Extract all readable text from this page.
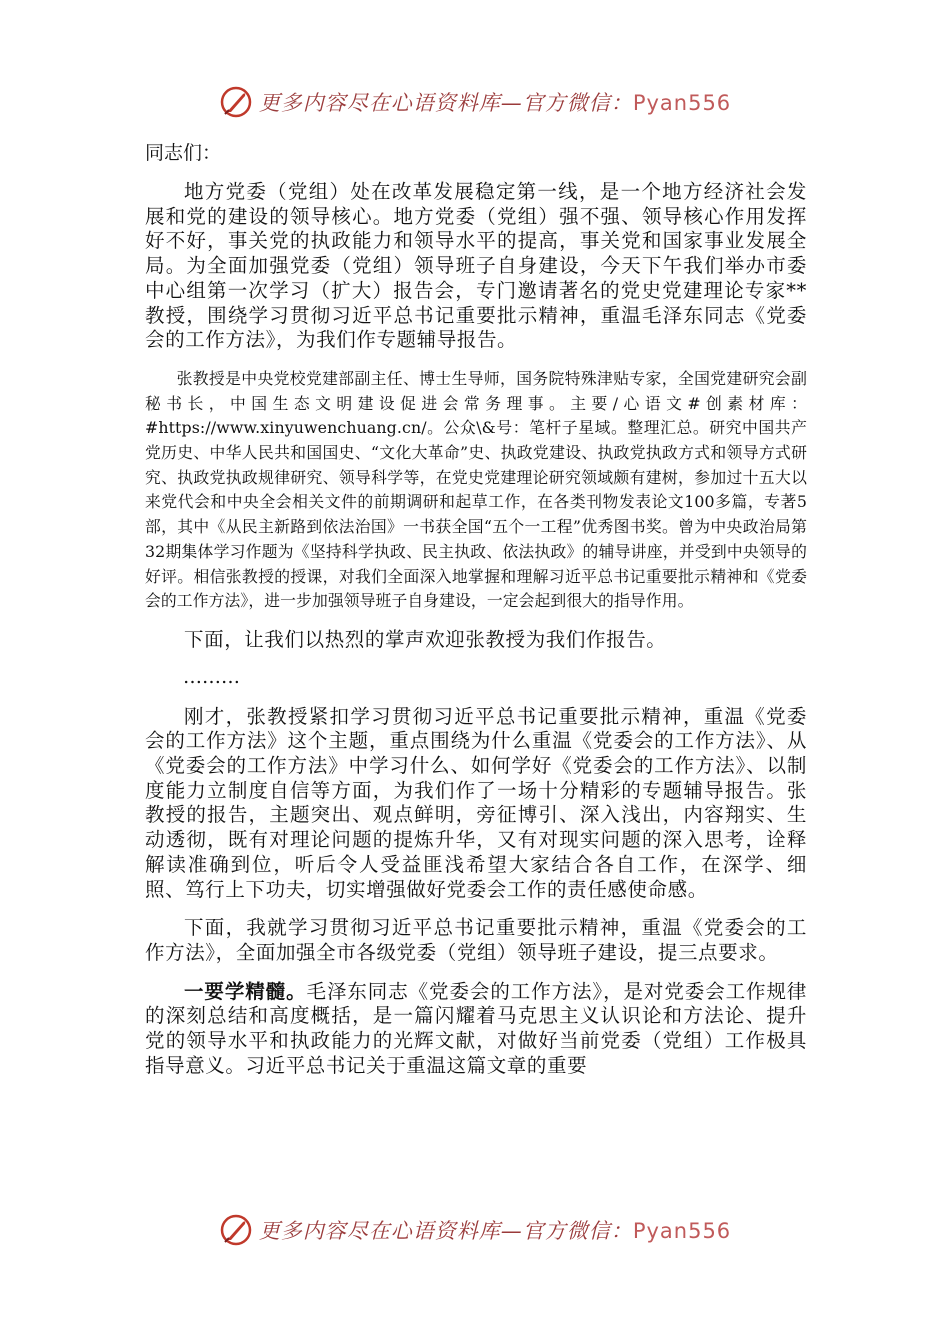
更多内容尽在心语资料库—官方微信：Pyan556
同志们：

地方党委（党组）处在改革发展稳定第一线，是一个地方经济社会发展和党的建设的领导核心。地方党委（党组）强不强、领导核心作用发挥好不好，事关党的执政能力和领导水平的提高，事关党和国家事业发展全局。为全面加强党委（党组）领导班子自身建设，今天下午我们举办市委中心组第一次学习（扩大）报告会，专门邀请著名的党史党建理论专家**教授，围绕学习贯彻习近平总书记重要批示精神，重温毛泽东同志《党委会的工作方法》，为我们作专题辅导报告。

张教授是中央党校党建部副主任、博士生导师，国务院特殊津贴专家，全国党建研究会副秘书长，中国生态文明建设促进会常务理事。主要/心语文#创素材库：#https://www.xinyuwenchuang.cn/。公众\&号：笔杆子星域。整理汇总。研究中国共产党历史、中华人民共和国国史、“文化大革命”史、执政党建设、执政党执政方式和领导方式研究、执政党执政规律研究、领导科学等，在党史党建理论研究领域颇有建树，参加过十五大以来党代会和中央全会相关文件的前期调研和起草工作，在各类刊物发表论文100多篇，专著5部，其中《从民主新路到依法治国》一书获全国“五个一工程”优秀图书奖。曾为中央政治局第32期集体学习作题为《坚持科学执政、民主执政、依法执政》的辅导讲座，并受到中央领导的好评。相信张教授的授课，对我们全面深入地掌握和理解习近平总书记重要批示精神和《党委会的工作方法》，进一步加强领导班子自身建设，一定会起到很大的指导作用。

下面，让我们以热烈的掌声欢迎张教授为我们作报告。

………

刚才，张教授紧扣学习贯彻习近平总书记重要批示精神，重温《党委会的工作方法》这个主题，重点围绕为什么重温《党委会的工作方法》、从《党委会的工作方法》中学习什么、如何学好《党委会的工作方法》、以制度能力立制度自信等方面，为我们作了一场十分精彩的专题辅导报告。张教授的报告，主题突出、观点鲜明，旁征博引、深入浅出，内容翔实、生动透彻，既有对理论问题的提炼升华，又有对现实问题的深入思考，诠释解读准确到位，听后令人受益匪浅希望大家结合各自工作，在深学、细照、笃行上下功夫，切实增强做好党委会工作的责任感使命感。

下面，我就学习贯彻习近平总书记重要批示精神，重温《党委会的工作方法》，全面加强全市各级党委（党组）领导班子建设，提三点要求。

一要学精髓。毛泽东同志《党委会的工作方法》，是对党委会工作规律的深刻总结和高度概括，是一篇闪耀着马克思主义认识论和方法论、提升党的领导水平和执政能力的光辉文献，对做好当前党委（党组）工作极具指导意义。习近平总书记关于重温这篇文章的重要

更多内容尽在心语资料库—官方微信：Pyan556
